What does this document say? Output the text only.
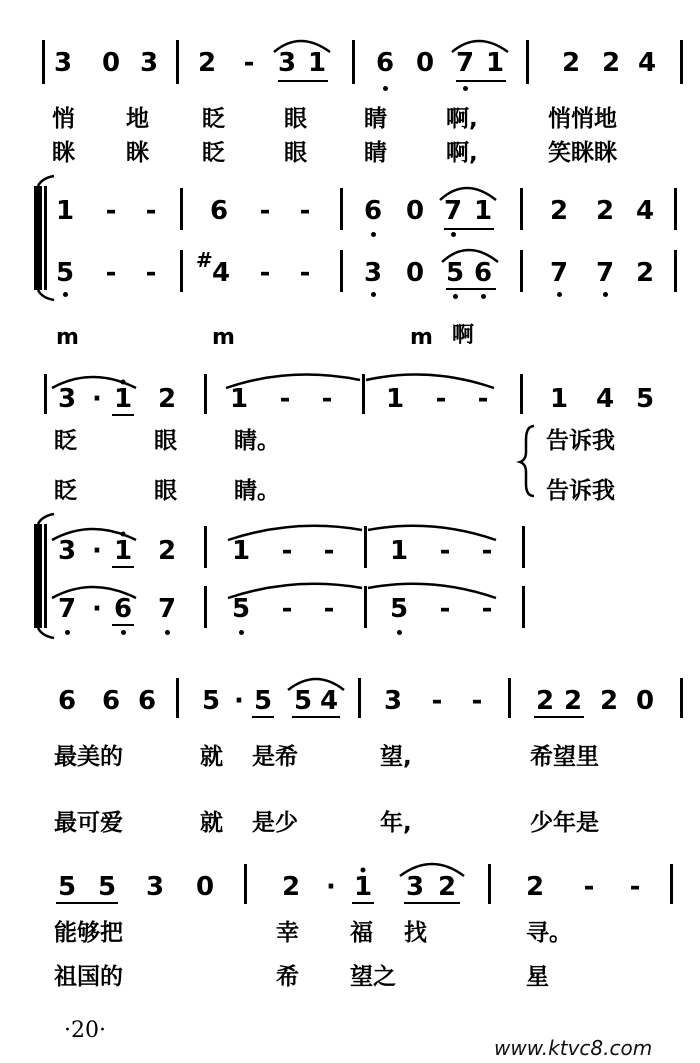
3 0 3 2 - 3 1 6 0 7 1 2 2 4
悄 地 眨	眼 睛	啊,	悄悄地
眯 眯 眨	眼 睛	啊,	笑眯眯
1 - - 6 - - 6 0 7 1 2 2 4
5 - - # 4 - - 3 0 5 6 7 7 2
m	m	m 啊
3 · 1 2 1 - - 1 - - 1 4 5
眨	眼 睛。	告诉我
眨	眼 睛。	告诉我
3 · 1 2 1 - - 1 - -
7 · 6 7 5 - - 5 - -
6 6 6 5 · 5 5 4 3 - - 2 2 2 0
最美的	就 是希	望,	希望里
最可爱	就 是少	年,	少年是
5 5 3 0	2 · 1 3 2	2 - -
能够把	幸 福 找	寻。
祖国的	希 望之	星
·20·
www.ktvc8.com
